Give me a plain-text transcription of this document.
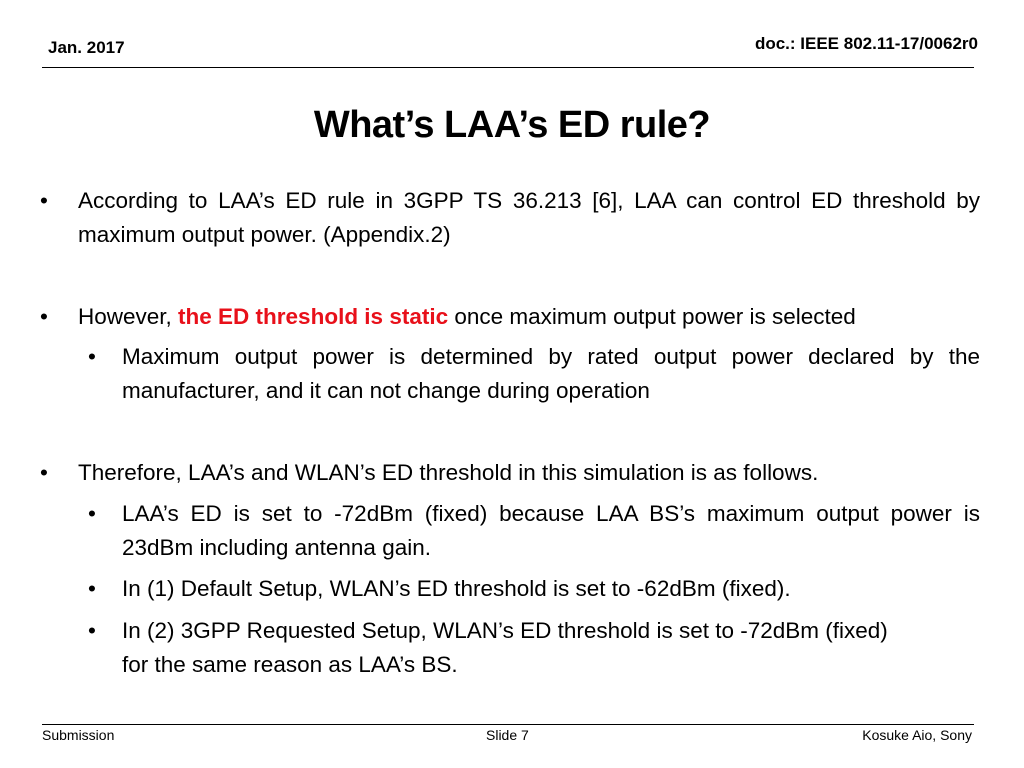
Jan. 2017	doc.: IEEE 802.11-17/0062r0
What’s LAA’s ED rule?
• According to LAA’s ED rule in 3GPP TS 36.213 [6], LAA can control ED threshold by maximum output power. (Appendix.2)
• However, the ED threshold is static once maximum output power is selected
• Maximum output power is determined by rated output power declared by the manufacturer, and it can not change during operation
• Therefore, LAA’s and WLAN’s ED threshold in this simulation is as follows.
• LAA’s ED is set to -72dBm (fixed) because LAA BS’s maximum output power is 23dBm including antenna gain.
• In (1) Default Setup, WLAN’s ED threshold is set to -62dBm (fixed).
• In (2) 3GPP Requested Setup, WLAN’s ED threshold is set to -72dBm (fixed)
for the same reason as LAA’s BS.
Submission	Slide 7	Kosuke Aio, Sony
